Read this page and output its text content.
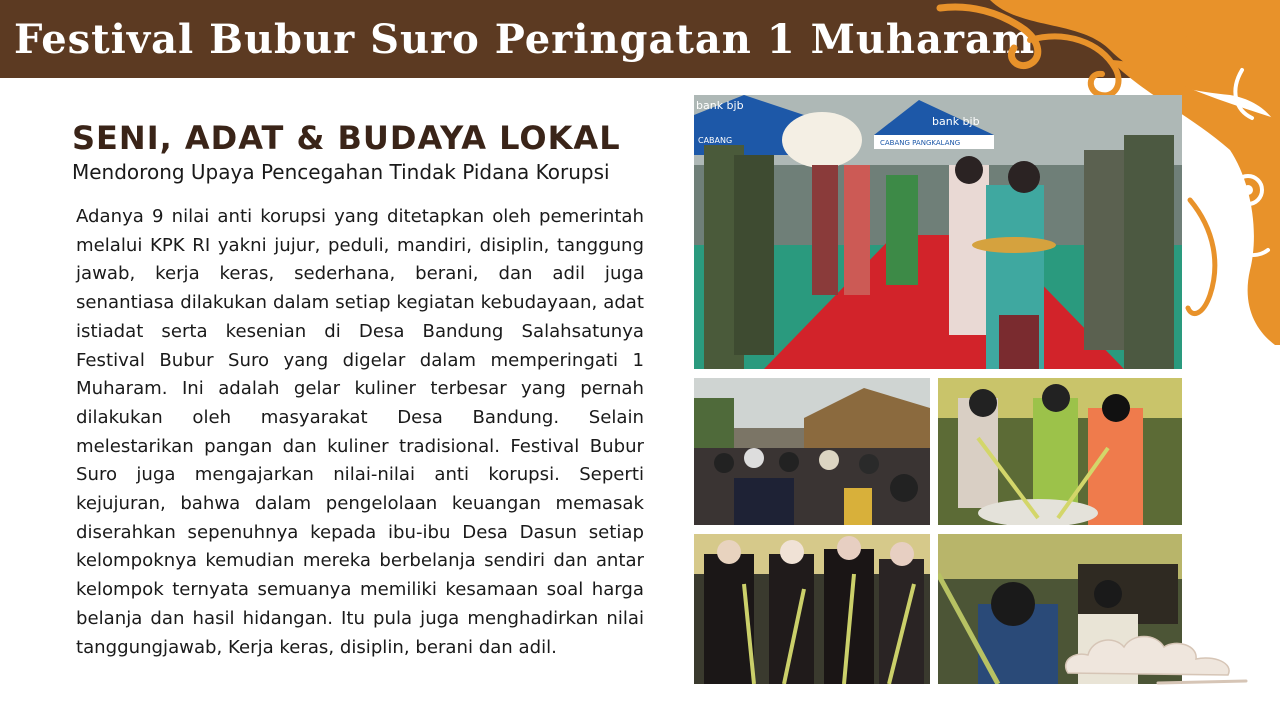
Festival Bubur Suro Peringatan 1 Muharam
SENI, ADAT & BUDAYA LOKAL

Mendorong Upaya Pencegahan Tindak Pidana Korupsi

Adanya 9 nilai anti korupsi yang ditetapkan oleh pemerintah melalui KPK RI yakni jujur, peduli, mandiri, disiplin, tanggung jawab, kerja keras, sederhana, berani, dan adil juga senantiasa dilakukan dalam setiap kegiatan kebudayaan, adat istiadat serta kesenian di Desa Bandung Salahsatunya Festival Bubur Suro yang digelar dalam memperingati 1 Muharam. Ini adalah gelar kuliner terbesar yang pernah dilakukan oleh masyarakat Desa Bandung. Selain melestarikan pangan dan kuliner tradisional. Festival Bubur Suro juga mengajarkan nilai-nilai anti korupsi. Seperti kejujuran, bahwa dalam pengelolaan keuangan memasak diserahkan sepenuhnya kepada ibu-ibu Desa Dasun setiap kelompoknya kemudian mereka berbelanja sendiri dan antar kelompok ternyata semuanya memiliki kesamaan soal harga belanja dan hasil hidangan. Itu pula juga menghadirkan nilai tanggungjawab, Kerja keras, disiplin, berani dan adil.

bank bjb
bank bjb
CABANG	CABANG PANGKALANG
